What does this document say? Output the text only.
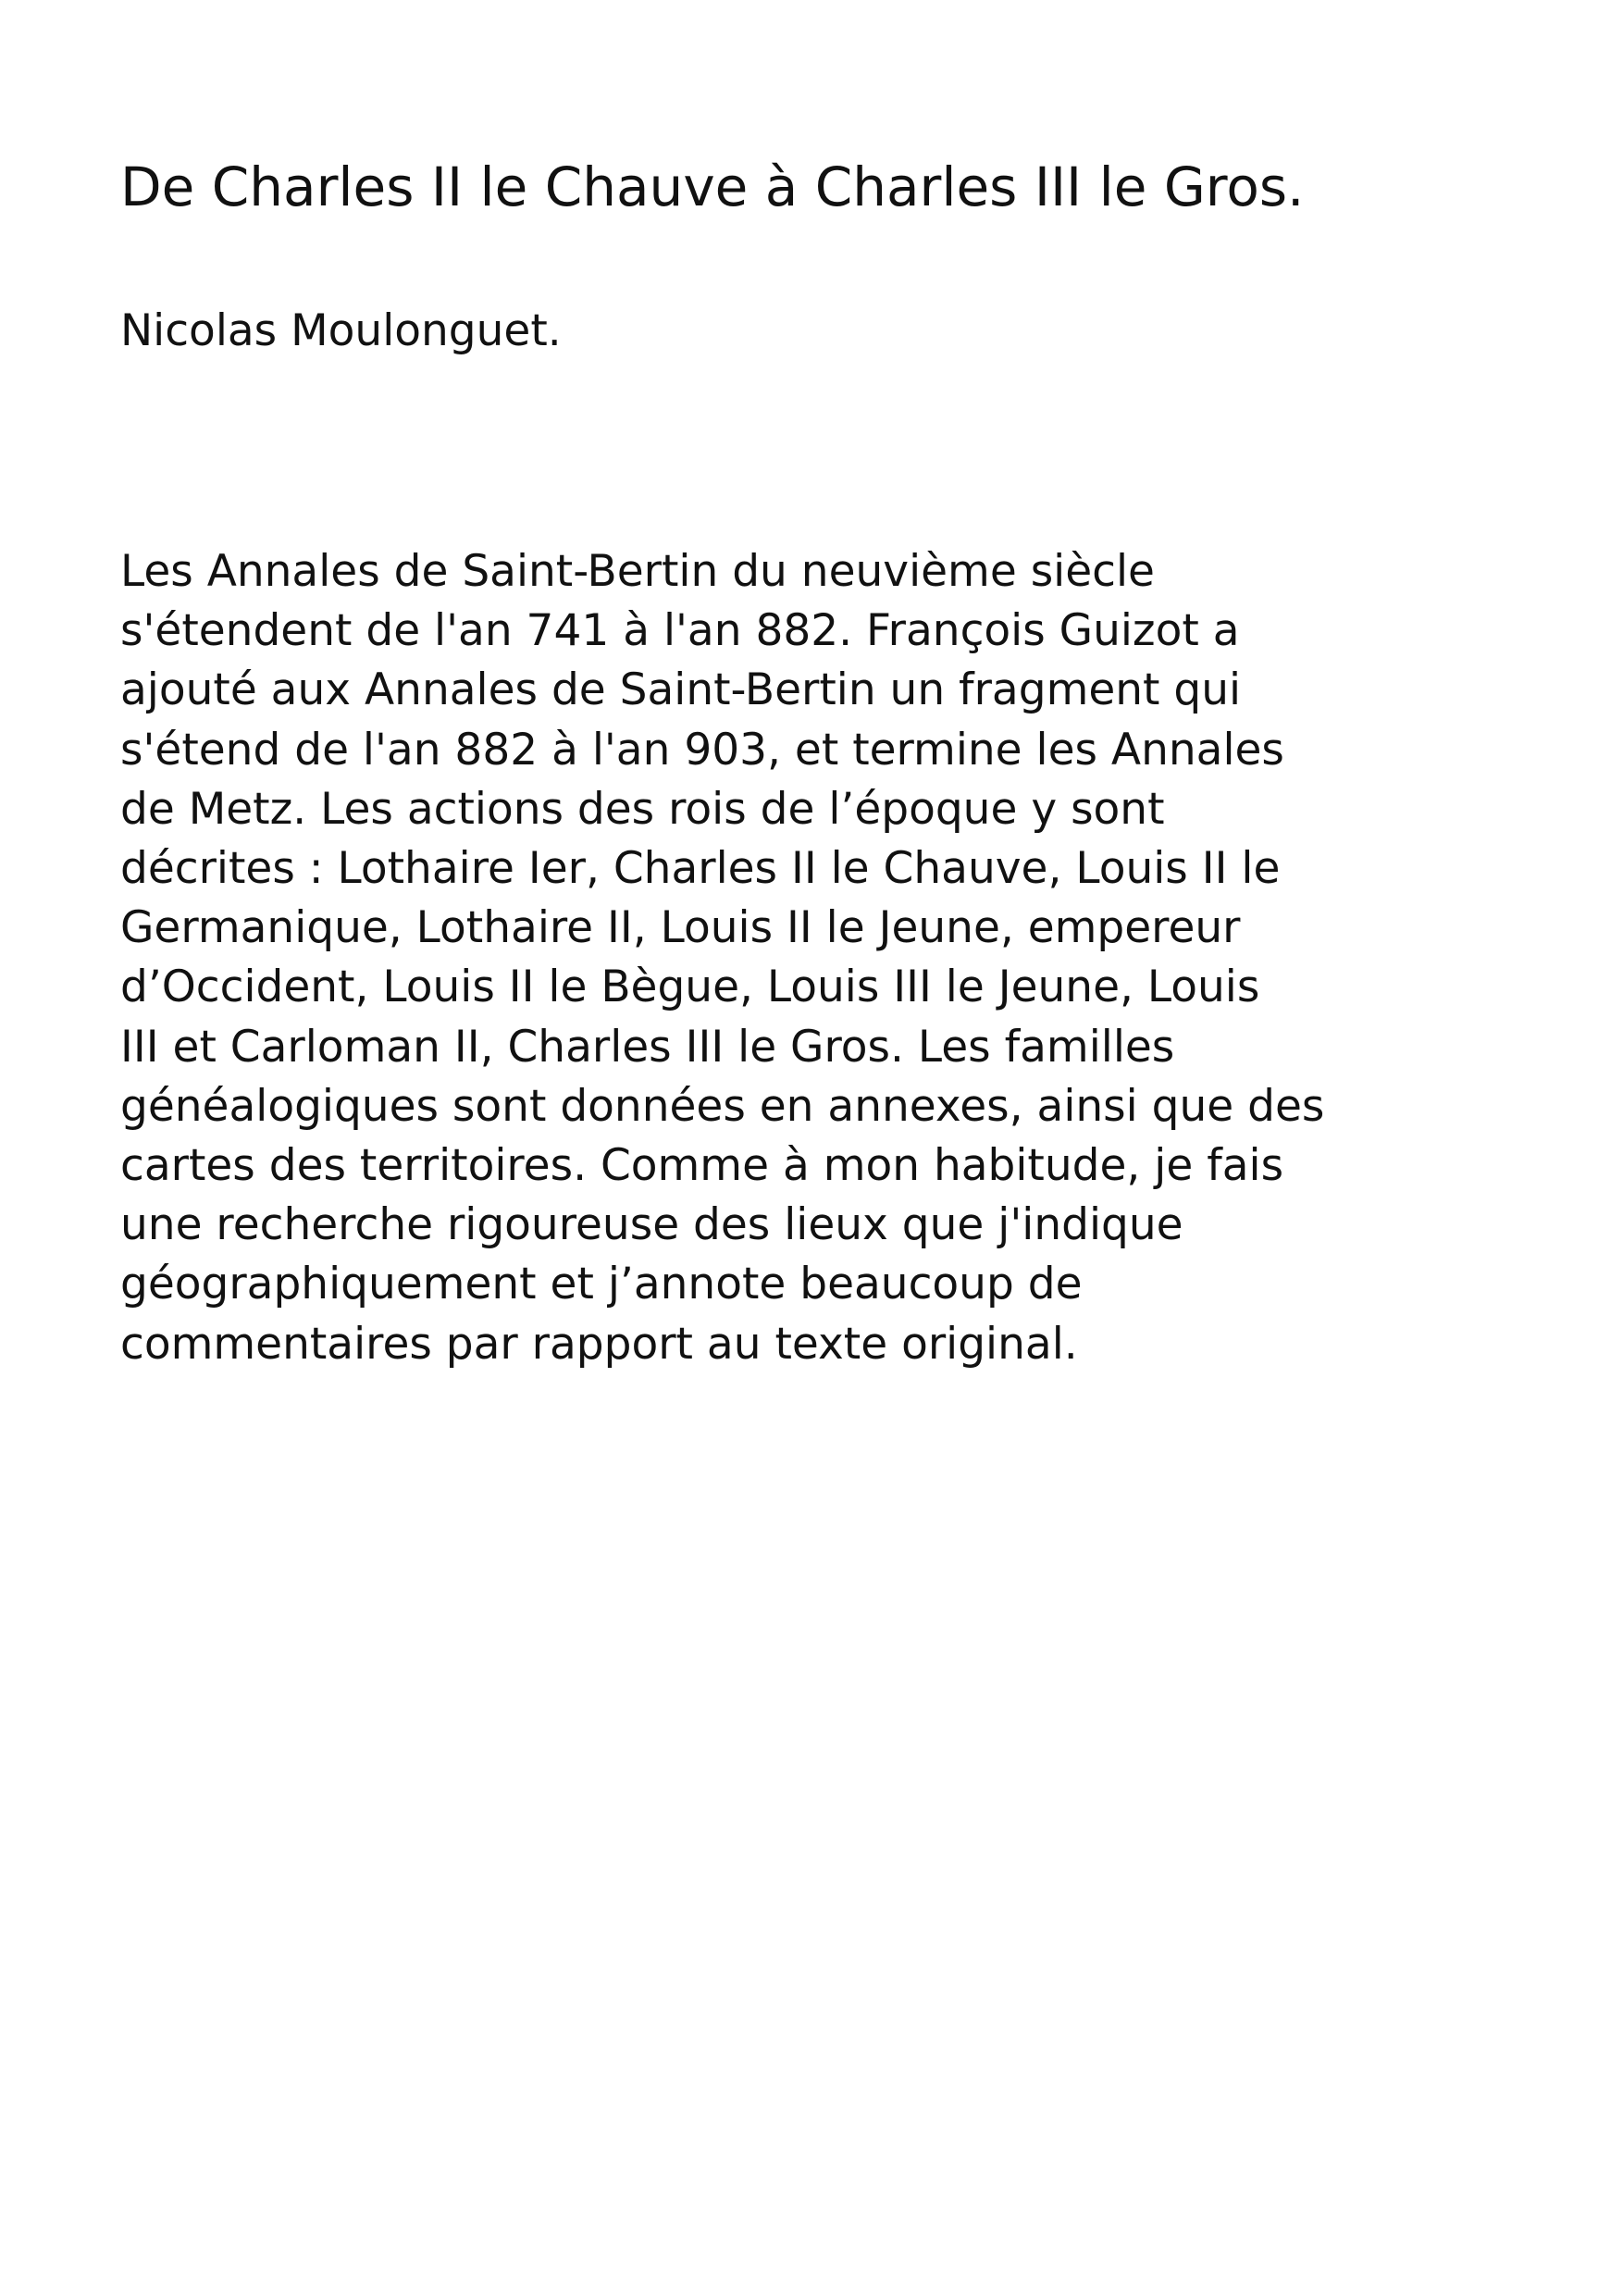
De Charles II le Chauve à Charles III le Gros.

Nicolas Moulonguet.

Les Annales de Saint-Bertin du neuvième siècle
s'étendent de l'an 741 à l'an 882. François Guizot a
ajouté aux Annales de Saint-Bertin un fragment qui
s'étend de l'an 882 à l'an 903, et termine les Annales
de Metz. Les actions des rois de l’époque y sont
décrites : Lothaire Ier, Charles II le Chauve, Louis II le
Germanique, Lothaire II, Louis II le Jeune, empereur
d’Occident, Louis II le Bègue, Louis III le Jeune, Louis
III et Carloman II, Charles III le Gros. Les familles
généalogiques sont données en annexes, ainsi que des
cartes des territoires. Comme à mon habitude, je fais
une recherche rigoureuse des lieux que j'indique
géographiquement et j’annote beaucoup de
commentaires par rapport au texte original.
